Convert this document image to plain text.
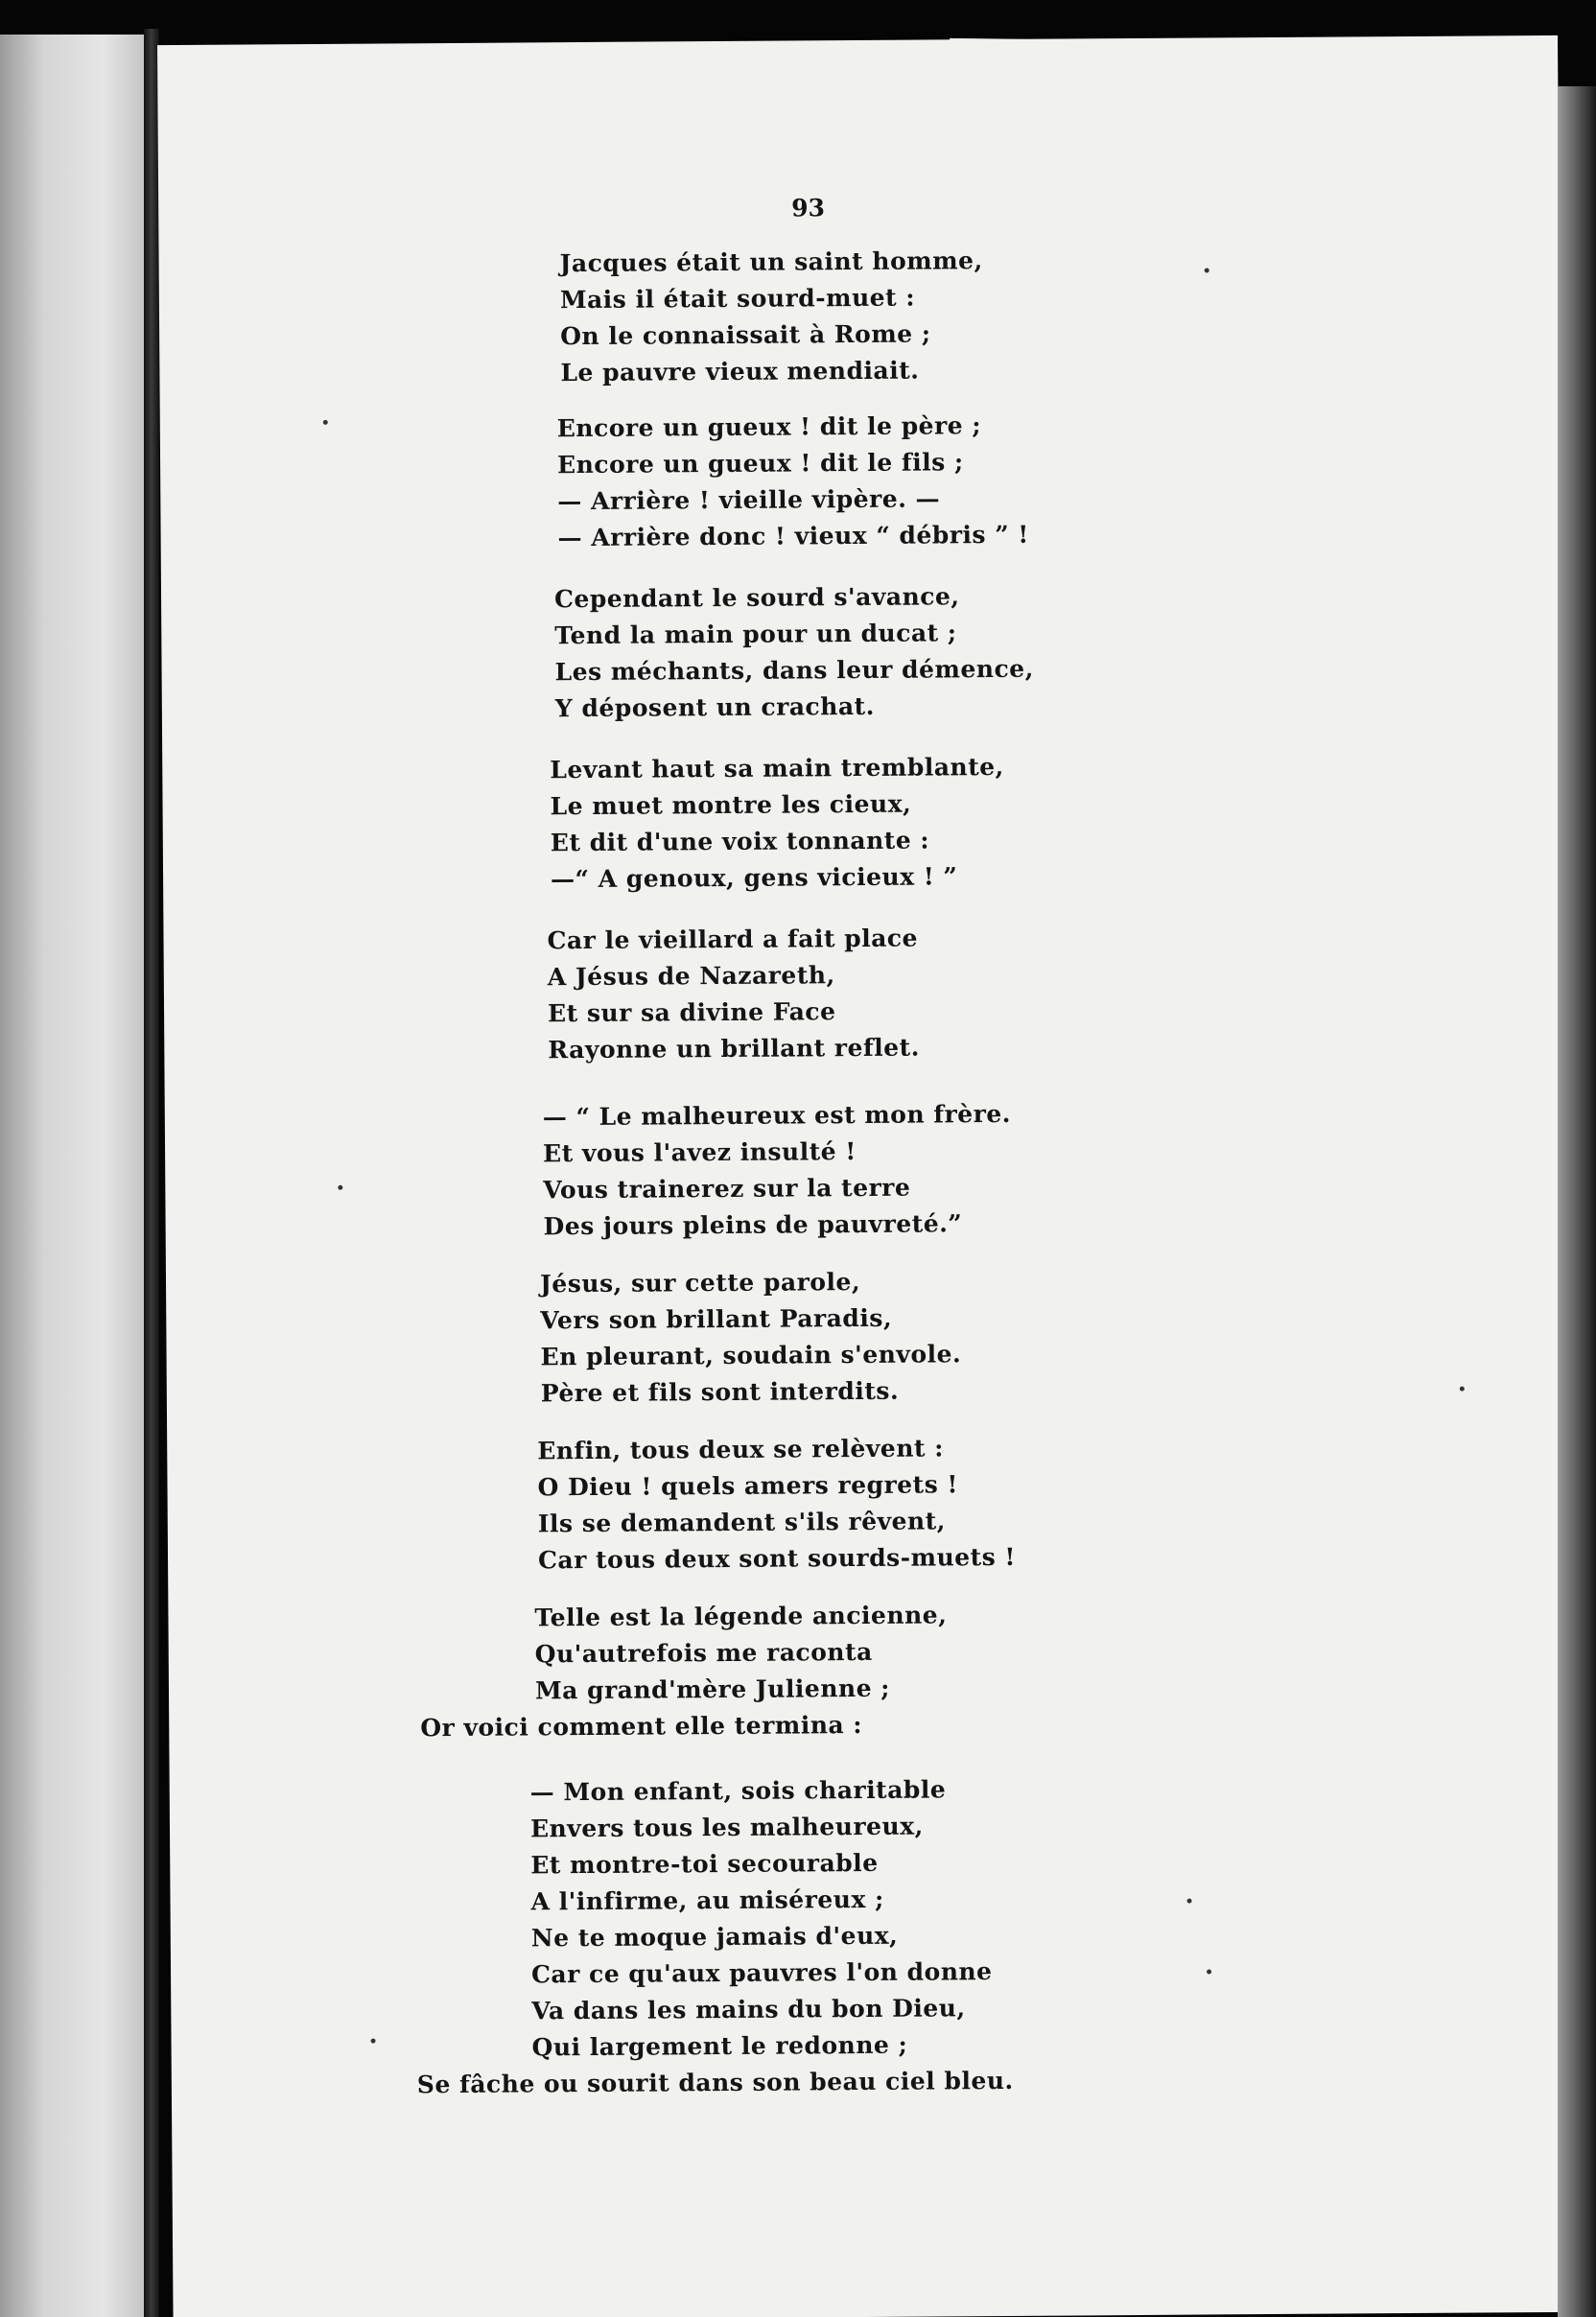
93
Jacques était un saint homme,
Mais il était sourd-muet :
On le connaissait à Rome ;
Le pauvre vieux mendiait.
Encore un gueux ! dit le père ;
Encore un gueux ! dit le fils ;
— Arrière ! vieille vipère. —
— Arrière donc ! vieux “ débris ” !
Cependant le sourd s'avance,
Tend la main pour un ducat ;
Les méchants, dans leur démence,
Y déposent un crachat.
Levant haut sa main tremblante,
Le muet montre les cieux,
Et dit d'une voix tonnante :
—“ A genoux, gens vicieux ! ”
Car le vieillard a fait place
A Jésus de Nazareth,
Et sur sa divine Face
Rayonne un brillant reflet.
— “ Le malheureux est mon frère.
Et vous l'avez insulté !
Vous trainerez sur la terre
Des jours pleins de pauvreté.”
Jésus, sur cette parole,
Vers son brillant Paradis,
En pleurant, soudain s'envole.
Père et fils sont interdits.
Enfin, tous deux se relèvent :
O Dieu ! quels amers regrets !
Ils se demandent s'ils rêvent,
Car tous deux sont sourds-muets !
Telle est la légende ancienne,
Qu'autrefois me raconta
Ma grand'mère Julienne ;
Or voici comment elle termina :
— Mon enfant, sois charitable
Envers tous les malheureux,
Et montre-toi secourable
A l'infirme, au miséreux ;
Ne te moque jamais d'eux,
Car ce qu'aux pauvres l'on donne
Va dans les mains du bon Dieu,
Qui largement le redonne ;
Se fâche ou sourit dans son beau ciel bleu.
